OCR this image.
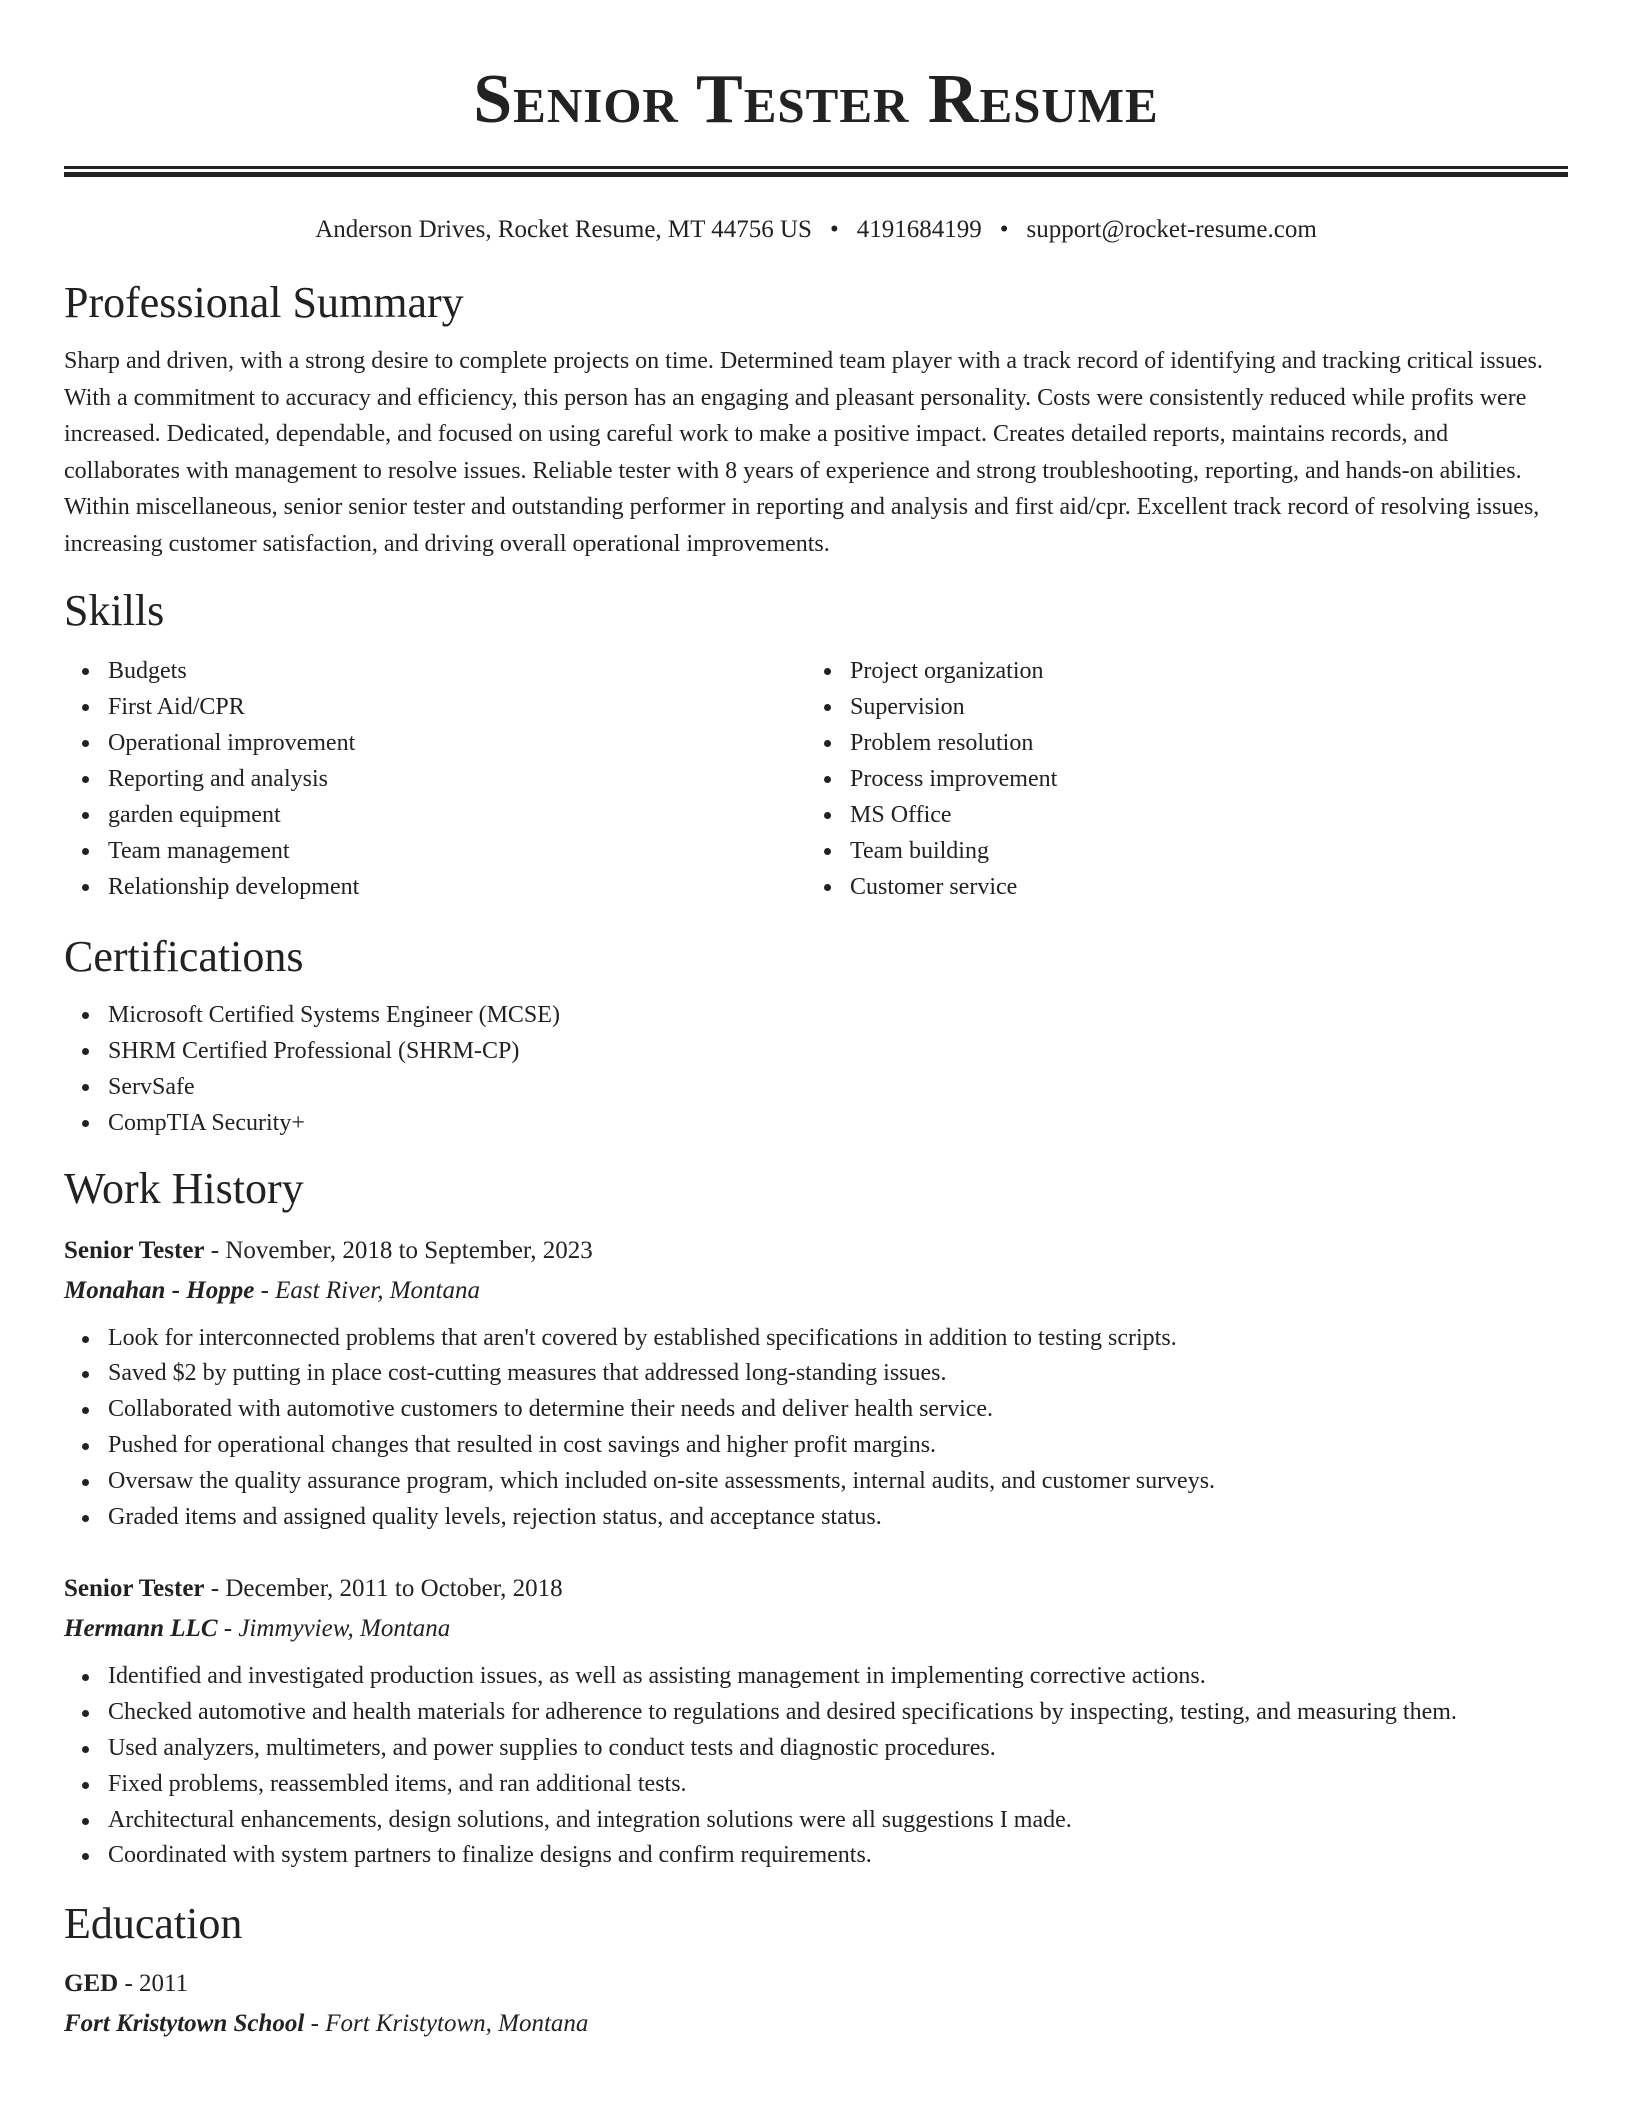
Senior Tester Resume
Anderson Drives, Rocket Resume, MT 44756 US • 4191684199 • support@rocket-resume.com
Professional Summary

Sharp and driven, with a strong desire to complete projects on time. Determined team player with a track record of identifying and tracking critical issues. With a commitment to accuracy and efficiency, this person has an engaging and pleasant personality. Costs were consistently reduced while profits were increased. Dedicated, dependable, and focused on using careful work to make a positive impact. Creates detailed reports, maintains records, and collaborates with management to resolve issues. Reliable tester with 8 years of experience and strong troubleshooting, reporting, and hands-on abilities. Within miscellaneous, senior senior tester and outstanding performer in reporting and analysis and first aid/cpr. Excellent track record of resolving issues, increasing customer satisfaction, and driving overall operational improvements.

Skills
Budgets
First Aid/CPR
Operational improvement
Reporting and analysis
garden equipment
Team management
Relationship development
Project organization
Supervision
Problem resolution
Process improvement
MS Office
Team building
Customer service
Certifications
Microsoft Certified Systems Engineer (MCSE)
SHRM Certified Professional (SHRM-CP)
ServSafe
CompTIA Security+
Work History
Senior Tester - November, 2018 to September, 2023
Monahan - Hoppe - East River, Montana
Look for interconnected problems that aren't covered by established specifications in addition to testing scripts.
Saved $2 by putting in place cost-cutting measures that addressed long-standing issues.
Collaborated with automotive customers to determine their needs and deliver health service.
Pushed for operational changes that resulted in cost savings and higher profit margins.
Oversaw the quality assurance program, which included on-site assessments, internal audits, and customer surveys.
Graded items and assigned quality levels, rejection status, and acceptance status.
Senior Tester - December, 2011 to October, 2018
Hermann LLC - Jimmyview, Montana
Identified and investigated production issues, as well as assisting management in implementing corrective actions.
Checked automotive and health materials for adherence to regulations and desired specifications by inspecting, testing, and measuring them.
Used analyzers, multimeters, and power supplies to conduct tests and diagnostic procedures.
Fixed problems, reassembled items, and ran additional tests.
Architectural enhancements, design solutions, and integration solutions were all suggestions I made.
Coordinated with system partners to finalize designs and confirm requirements.
Education
GED - 2011
Fort Kristytown School - Fort Kristytown, Montana
